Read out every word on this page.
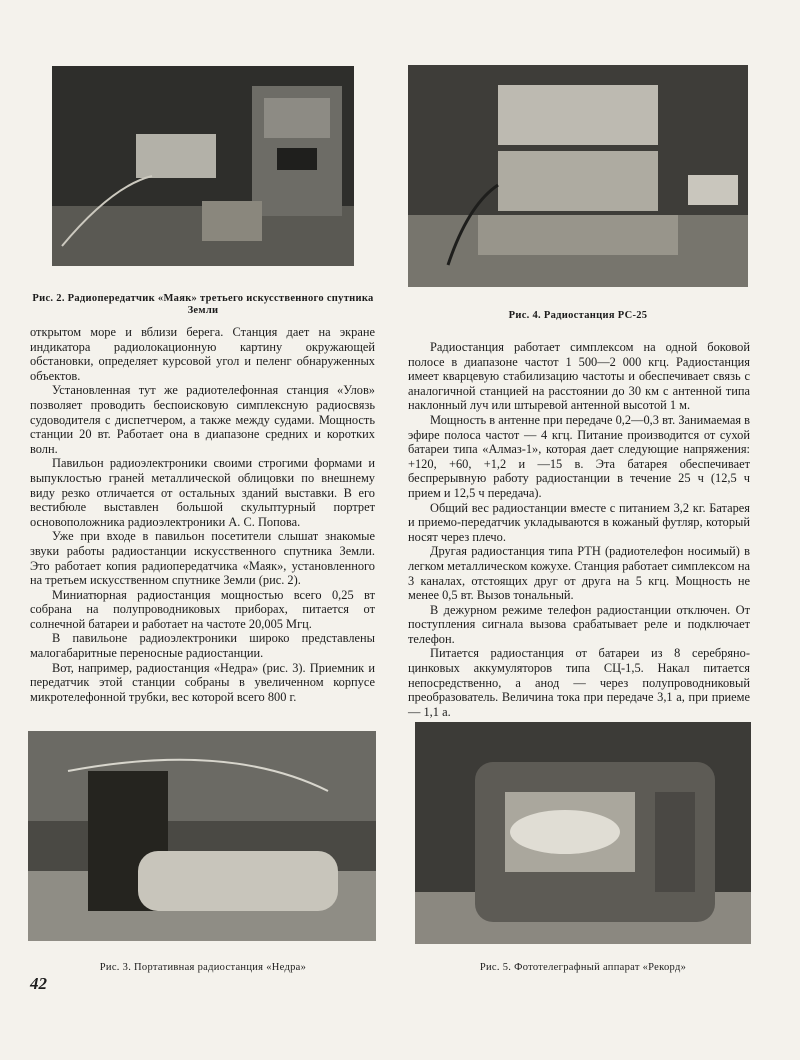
Рис. 2. Радиопередатчик «Маяк» третьего искусственного спутника Земли	Рис. 4. Радиостанция РС-25

открытом море и вблизи берега. Станция дает на экране индикатора радиолокационную картину окружающей обстановки, определяет курсовой угол и пеленг обнаруженных объектов.

Установленная тут же радиотелефонная станция «Улов» позволяет проводить беспоисковую симплексную радиосвязь судоводителя с диспетчером, а также между судами. Мощность станции 20 вт. Работает она в диапазоне средних и коротких волн.

Павильон радиоэлектроники своими строгими формами и выпуклостью граней металлической облицовки по внешнему виду резко отличается от остальных зданий выставки. В его вестибюле выставлен большой скульптурный портрет основоположника радиоэлектроники А. С. Попова.

Уже при входе в павильон посетители слышат знакомые звуки работы радиостанции искусственного спутника Земли. Это работает копия радиопередатчика «Маяк», установленного на третьем искусственном спутнике Земли (рис. 2).

Миниатюрная радиостанция мощностью всего 0,25 вт собрана на полупроводниковых приборах, питается от солнечной батареи и работает на частоте 20,005 Мгц.

В павильоне радиоэлектроники широко представлены малогабаритные переносные радиостанции.

Вот, например, радиостанция «Недра» (рис. 3). Приемник и передатчик этой станции собраны в увеличенном корпусе микротелефонной трубки, вес которой всего 800 г.

Радиостанция работает симплексом на одной боковой полосе в диапазоне частот 1 500—2 000 кгц. Радиостанция имеет кварцевую стабилизацию частоты и обеспечивает связь с аналогичной станцией на расстоянии до 30 км с антенной типа наклонный луч или штыревой антенной высотой 1 м.

Мощность в антенне при передаче 0,2—0,3 вт. Занимаемая в эфире полоса частот — 4 кгц. Питание производится от сухой батареи типа «Алмаз-1», которая дает следующие напряжения: +120, +60, +1,2 и —15 в. Эта батарея обеспечивает беспрерывную работу радиостанции в течение 25 ч (12,5 ч прием и 12,5 ч передача).

Общий вес радиостанции вместе с питанием 3,2 кг. Батарея и приемо-передатчик укладываются в кожаный футляр, который носят через плечо.

Другая радиостанция типа РТН (радиотелефон носимый) в легком металлическом кожухе. Станция работает симплексом на 3 каналах, отстоящих друг от друга на 5 кгц. Мощность не менее 0,5 вт. Вызов тональный.

В дежурном режиме телефон радиостанции отключен. От поступления сигнала вызова срабатывает реле и подключает телефон.

Питается радиостанция от батареи из 8 серебряно-цинковых аккумуляторов типа СЦ-1,5. Накал питается непосредственно, а анод — через полупроводниковый преобразователь. Величина тока при передаче 3,1 а, при приеме — 1,1 а.

Рис. 3. Портативная радиостанция «Недра»	Рис. 5. Фототелеграфный аппарат «Рекорд»
42
